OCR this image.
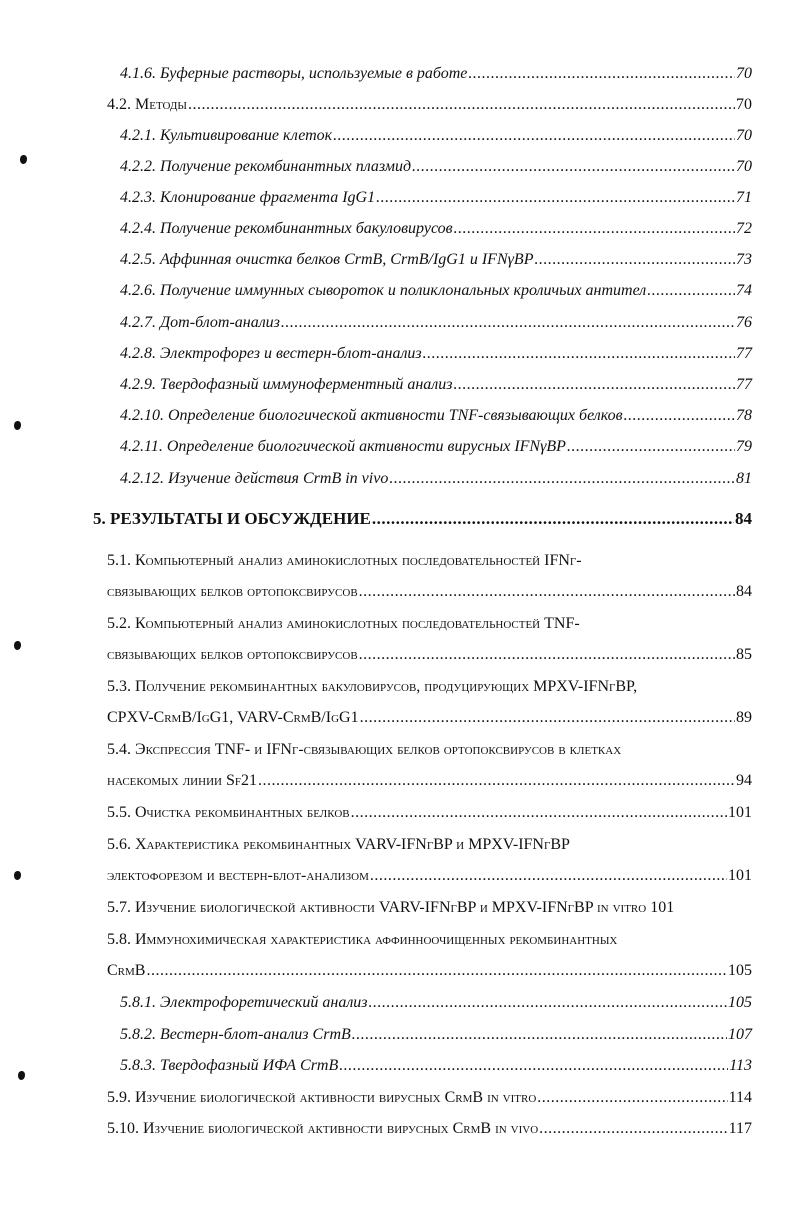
4.1.6. Буферные растворы, используемые в работе .....	70
4.2. Методы .....	70
4.2.1. Культивирование клеток .....	70
4.2.2. Получение рекомбинантных плазмид .....	70
4.2.3. Клонирование фрагмента IgG1 .....	71
4.2.4. Получение рекомбинантных бакуловирусов .....	72
4.2.5. Аффинная очистка белков CrmB, CrmB/IgG1 и IFNγBP .....	73
4.2.6. Получение иммунных сывороток и поликлональных кроличьих антител .....	74
4.2.7. Дот-блот-анализ .....	76
4.2.8. Электрофорез и вестерн-блот-анализ .....	77
4.2.9. Твердофазный иммуноферментный анализ .....	77
4.2.10. Определение биологической активности TNF-связывающих белков .....	78
4.2.11. Определение биологической активности вирусных IFNγBP .....	79
4.2.12. Изучение действия CrmB in vivo .....	81
5. РЕЗУЛЬТАТЫ И ОБСУЖДЕНИЕ .....	84
5.1. Компьютерный анализ аминокислотных последовательностей IFNγ-
связывающих белков ортопоксвирусов .....	84
5.2. Компьютерный анализ аминокислотных последовательностей TNF-
связывающих белков ортопоксвирусов .....	85
5.3. Получение рекомбинантных бакуловирусов, продуцирующих MPXV-IFNγBP,
CPXV-CrmB/IgG1, VARV-CrmB/IgG1 .....	89
5.4. Экспрессия TNF- и IFNγ-связывающих белков ортопоксвирусов в клетках
насекомых линии Sf21 .....	94
5.5. Очистка рекомбинантных белков .....	101
5.6. Характеристика рекомбинантных VARV-IFNγBP и MPXV-IFNγBP
электофорезом и вестерн-блот-анализом .....	101
5.7. Изучение биологической активности VARV-IFNγBP и MPXV-IFNγBP in vitro 101
5.8. Иммунохимическая характеристика аффинноочищенных рекомбинантных
CrmB .....	105
5.8.1. Электрофоретический анализ .....	105
5.8.2. Вестерн-блот-анализ CrmB .....	107
5.8.3. Твердофазный ИФА CrmB .....	113
5.9. Изучение биологической активности вирусных CrmB in vitro .....	114
5.10. Изучение биологической активности вирусных CrmB in vivo .....	117
